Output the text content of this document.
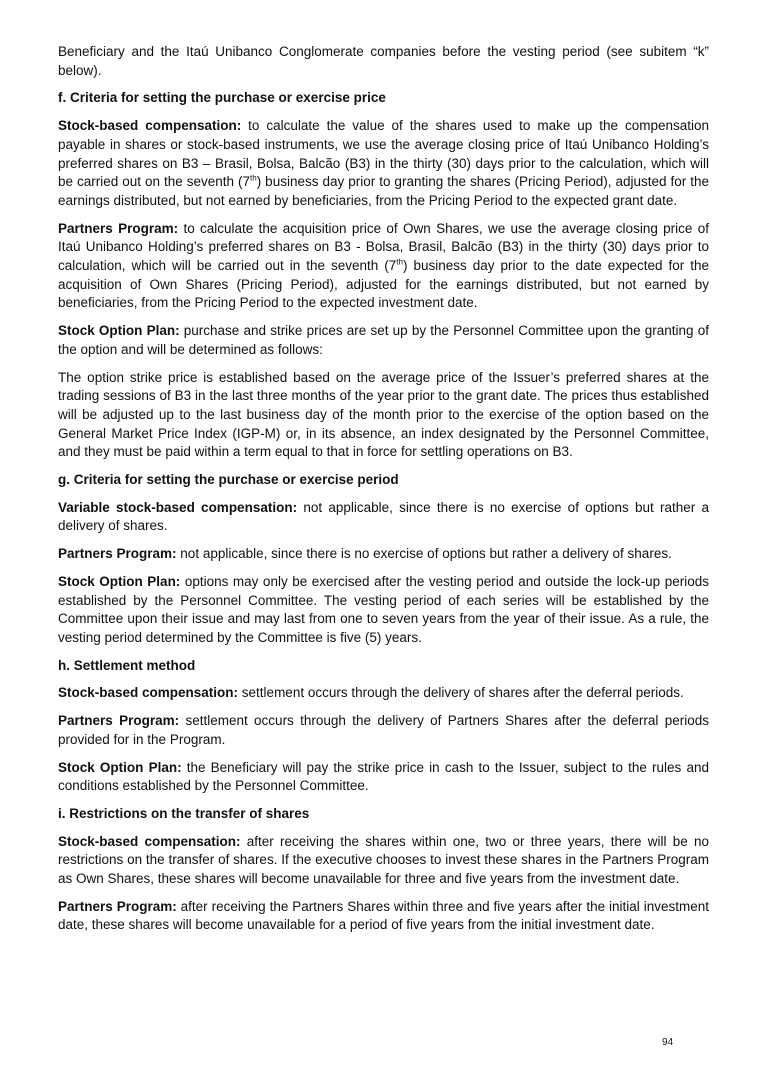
Beneficiary and the Itaú Unibanco Conglomerate companies before the vesting period (see subitem “k” below).

f. Criteria for setting the purchase or exercise price

Stock-based compensation: to calculate the value of the shares used to make up the compensation payable in shares or stock-based instruments, we use the average closing price of Itaú Unibanco Holding’s preferred shares on B3 – Brasil, Bolsa, Balcão (B3) in the thirty (30) days prior to the calculation, which will be carried out on the seventh (7th) business day prior to granting the shares (Pricing Period), adjusted for the earnings distributed, but not earned by beneficiaries, from the Pricing Period to the expected grant date.

Partners Program: to calculate the acquisition price of Own Shares, we use the average closing price of Itaú Unibanco Holding’s preferred shares on B3 - Bolsa, Brasil, Balcão (B3) in the thirty (30) days prior to calculation, which will be carried out in the seventh (7th) business day prior to the date expected for the acquisition of Own Shares (Pricing Period), adjusted for the earnings distributed, but not earned by beneficiaries, from the Pricing Period to the expected investment date.

Stock Option Plan: purchase and strike prices are set up by the Personnel Committee upon the granting of the option and will be determined as follows:

The option strike price is established based on the average price of the Issuer’s preferred shares at the trading sessions of B3 in the last three months of the year prior to the grant date. The prices thus established will be adjusted up to the last business day of the month prior to the exercise of the option based on the General Market Price Index (IGP-M) or, in its absence, an index designated by the Personnel Committee, and they must be paid within a term equal to that in force for settling operations on B3.

g. Criteria for setting the purchase or exercise period

Variable stock-based compensation: not applicable, since there is no exercise of options but rather a delivery of shares.

Partners Program: not applicable, since there is no exercise of options but rather a delivery of shares.

Stock Option Plan: options may only be exercised after the vesting period and outside the lock-up periods established by the Personnel Committee. The vesting period of each series will be established by the Committee upon their issue and may last from one to seven years from the year of their issue. As a rule, the vesting period determined by the Committee is five (5) years.

h. Settlement method

Stock-based compensation: settlement occurs through the delivery of shares after the deferral periods.

Partners Program: settlement occurs through the delivery of Partners Shares after the deferral periods provided for in the Program.

Stock Option Plan: the Beneficiary will pay the strike price in cash to the Issuer, subject to the rules and conditions established by the Personnel Committee.

i. Restrictions on the transfer of shares

Stock-based compensation: after receiving the shares within one, two or three years, there will be no restrictions on the transfer of shares. If the executive chooses to invest these shares in the Partners Program as Own Shares, these shares will become unavailable for three and five years from the investment date.

Partners Program: after receiving the Partners Shares within three and five years after the initial investment date, these shares will become unavailable for a period of five years from the initial investment date.

94
